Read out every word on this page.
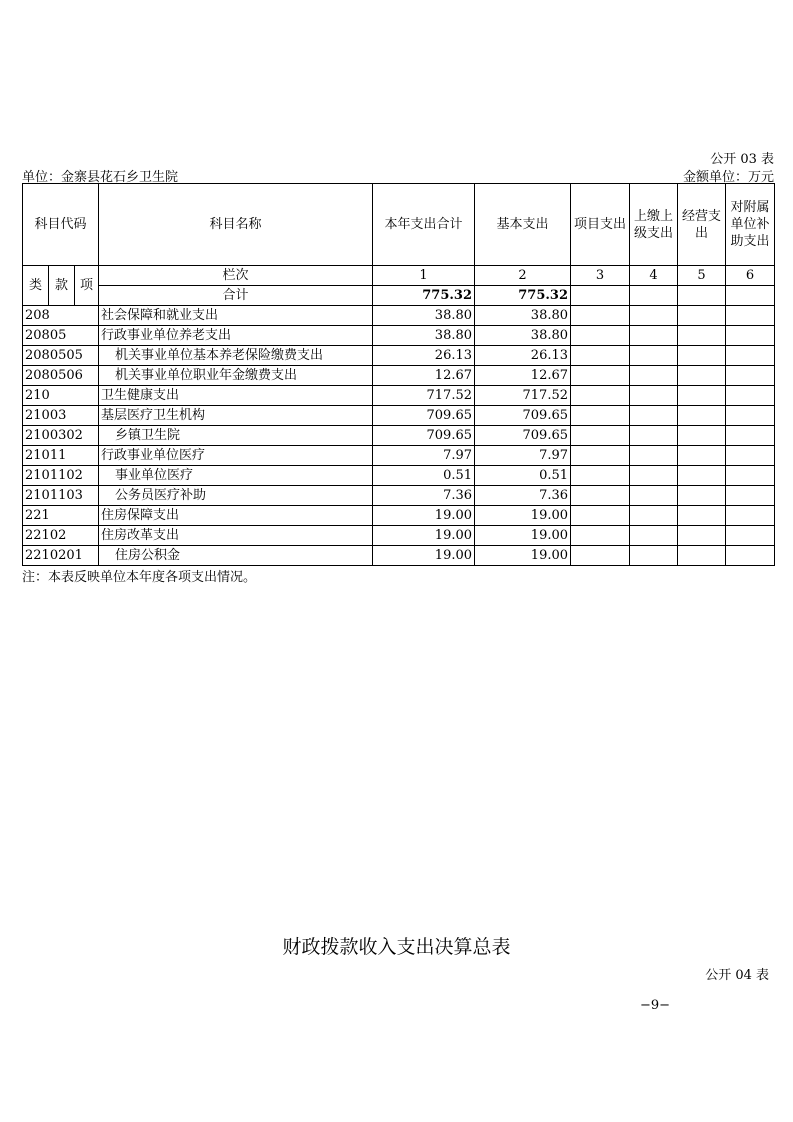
公开 03 表
单位：金寨县花石乡卫生院	金额单位：万元
科目代码			科目名称	本年支出合计	基本支出	项目支出	上缴上级支出	经营支出	对附属单位补助支出
类	款	项	栏次	1	2	3	4	5	6
			合计	775.32	775.32				
208			社会保障和就业支出	38.80	38.80				
20805			行政事业单位养老支出	38.80	38.80				
2080505			机关事业单位基本养老保险缴费支出	26.13	26.13				
2080506			机关事业单位职业年金缴费支出	12.67	12.67				
210			卫生健康支出	717.52	717.52				
21003			基层医疗卫生机构	709.65	709.65				
2100302			乡镇卫生院	709.65	709.65				
21011			行政事业单位医疗	7.97	7.97				
2101102			事业单位医疗	0.51	0.51				
2101103			公务员医疗补助	7.36	7.36				
221			住房保障支出	19.00	19.00				
22102			住房改革支出	19.00	19.00				
2210201			住房公积金	19.00	19.00				
注：本表反映单位本年度各项支出情况。
财政拨款收入支出决算总表
公开 04 表
−9−
